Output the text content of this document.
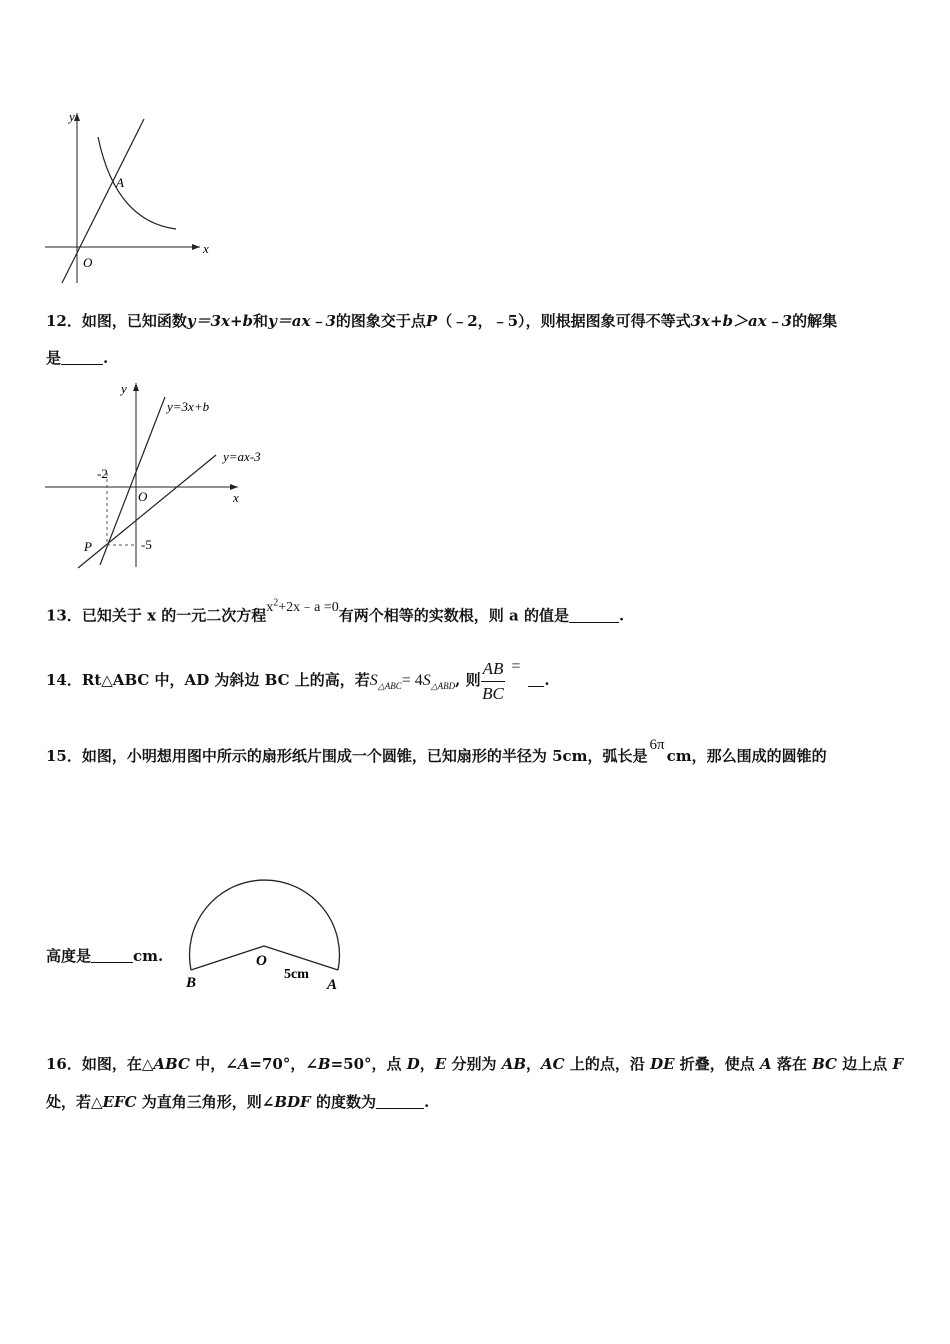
y
x
O
A
12．如图，已知函数y＝3x+b和y＝ax﹣3的图象交于点P（﹣2，﹣5），则根据图象可得不等式3x+b＞ax﹣3的解集
是	.
y
x
O
y=3x+b
y=ax-3
-2
-5
P
13．已知关于 x 的一元二次方程$x^2+2x﹣a =0$有两个相等的实数根，则 a 的值是	.
14．Rt△ABC 中，AD 为斜边 BC 上的高，若$S_{\triangle ABC}= 4S_{\triangle ABD}$, 则 $\frac{AB}{BC}$ =.
15．如图，小明想用图中所示的扇形纸片围成一个圆锥，已知扇形的半径为 5cm，弧长是6πcm，那么围成的圆锥的
高度是	cm.	O
B	A
5cm
16．如图，在△ABC 中，∠A=70°，∠B=50°，点 D，E 分别为 AB，AC 上的点，沿 DE 折叠，使点 A 落在 BC 边上点 F
处，若△EFC 为直角三角形，则∠BDF 的度数为	.
